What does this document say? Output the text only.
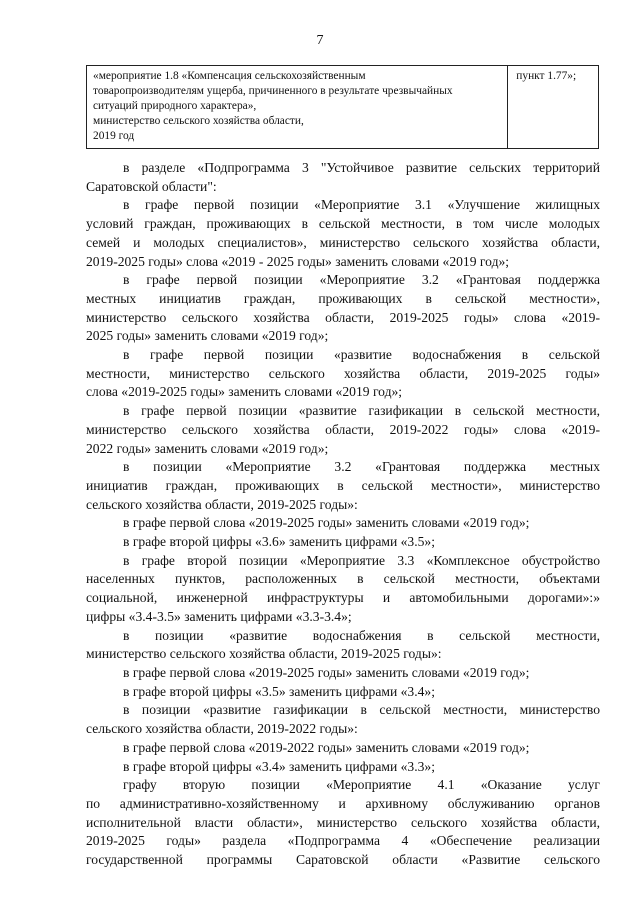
7
«мероприятие 1.8 «Компенсация сельскохозяйственным
товаропроизводителям ущерба, причиненного в результате чрезвычайных
ситуаций природного характера»,
министерство сельского хозяйства области,
2019 год
	пункт 1.77»;

в разделе «Подпрограмма 3 "Устойчивое развитие сельских территорий

Саратовской области":

в графе первой позиции «Мероприятие 3.1 «Улучшение жилищных

условий граждан, проживающих в сельской местности, в том числе молодых

семей и молодых специалистов», министерство сельского хозяйства области,

2019-2025 годы» слова «2019 - 2025 годы» заменить словами «2019 год»;

в графе первой позиции «Мероприятие 3.2 «Грантовая поддержка

местных инициатив граждан, проживающих в сельской местности»,

министерство сельского хозяйства области, 2019-2025 годы» слова «2019-

2025 годы» заменить словами «2019 год»;

в графе первой позиции «развитие водоснабжения в сельской

местности, министерство сельского хозяйства области, 2019-2025 годы»

слова «2019-2025 годы» заменить словами «2019 год»;

в графе первой позиции «развитие газификации в сельской местности,

министерство сельского хозяйства области, 2019-2022 годы» слова «2019-

2022 годы» заменить словами «2019 год»;

в позиции «Мероприятие 3.2 «Грантовая поддержка местных

инициатив граждан, проживающих в сельской местности», министерство

сельского хозяйства области, 2019-2025 годы»:

в графе первой слова «2019-2025 годы» заменить словами «2019 год»;

в графе второй цифры «3.6» заменить цифрами «3.5»;

в графе второй позиции «Мероприятие 3.3 «Комплексное обустройство

населенных пунктов, расположенных в сельской местности, объектами

социальной, инженерной инфраструктуры и автомобильными дорогами»:»

цифры «3.4-3.5» заменить цифрами «3.3-3.4»;

в позиции «развитие водоснабжения в сельской местности,

министерство сельского хозяйства области, 2019-2025 годы»:

в графе первой слова «2019-2025 годы» заменить словами «2019 год»;

в графе второй цифры «3.5» заменить цифрами «3.4»;

в позиции «развитие газификации в сельской местности, министерство

сельского хозяйства области, 2019-2022 годы»:

в графе первой слова «2019-2022 годы» заменить словами «2019 год»;

в графе второй цифры «3.4» заменить цифрами «3.3»;

графу вторую позиции «Мероприятие 4.1 «Оказание услуг

по административно-хозяйственному и архивному обслуживанию органов

исполнительной власти области», министерство сельского хозяйства области,

2019-2025 годы» раздела «Подпрограмма 4 «Обеспечение реализации

государственной программы Саратовской области «Развитие сельского
